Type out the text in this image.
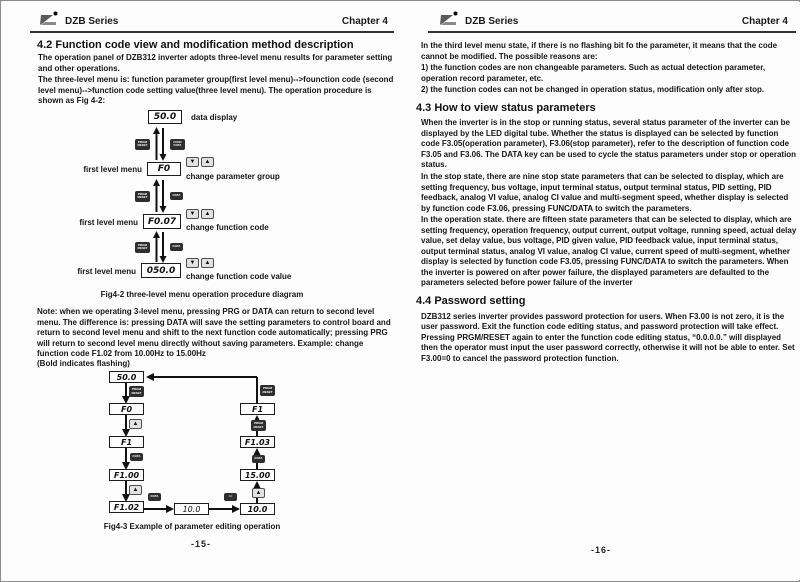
DZB Series	Chapter 4
4.2 Function code view and modification method description
The operation panel of DZB312 inverter adopts three-level menu results for parameter setting and other operations.
The three-level menu is: function parameter group(first level menu)-->founction code (second level menu)-->function code setting value(three level menu). The operation procedure is shown as Fig 4-2:
50.0	data display
PRGM RESET
FUNC DATA
first level menu	F0
▼	▲
change parameter group
PRGM RESET	DATA
first level menu	F0.07
▼	▲
change function code
PRGM RESET	DATA
first level menu	050.0
▼	▲
change function code value
Fig4-2 three-level menu operation procedure diagram
Note: when we operating 3-level menu, pressing PRG or DATA can return to second level menu. The difference is: pressing DATA will save the setting parameters to control board and return to second level menu and shift to the next function code automatically; pressing PRG will return to second level menu directly without saving parameters. Example: change function code F1.02 from 10.00Hz to 15.00Hz
(Bold indicates flashing)
50.0
F0
F1
F1.00
F1.02	10.0	10.0
15.00
F1.03
F1
PRGM RESET
▲
DATA
▲
DATA	>>
▲
DATA
PRGM RESET
PRGM RESET
Fig4-3 Example of parameter editing operation
-15-
DZB Series	Chapter 4

In the third level menu state, if there is no flashing bit fo the parameter, it means that the code cannot be modified. The possible reasons are:

1) the function codes are non changeable parameters. Such as actual detection parameter, operation record parameter, etc.

2) the function codes can not be changed in operation status, modification only after stop.

4.3 How to view status parameters

When the inverter is in the stop or running status, several status parameter of the inverter can be displayed by the LED digital tube. Whether the status is displayed can be selected by function code F3.05(operation parameter), F3.06(stop parameter), refer to the description of function code F3.05 and F3.06. The DATA key can be used to cycle the status parameters under stop or operation status.

In the stop state, there are nine stop state parameters that can be selected to display, which are setting frequency, bus voltage, input terminal status, output terminal status, PID setting, PID feedback, analog VI value, analog CI value and multi-segment speed, whether display is selected by function code F3.06, pressing FUNC/DATA to switch the parameters.

In the operation state. there are fifteen state parameters that can be selected to display, which are setting frequency, operation frequency, output current, output voltage, running speed, actual delay value, set delay value, bus voltage, PID given value, PID feedback value, input terminal status, output terminal status, analog VI value, analog CI value, current speed of multi-segment, whether display is selected by function code F3.05, pressing FUNC/DATA to switch the parameters. When the inverter is powered on after power failure, the displayed parameters are defaulted to the parameters selected before power failure of the inverter

4.4 Password setting

DZB312 series inverter provides password protection for users. When F3.00 is not zero, it is the user password. Exit the function code editing status, and password protection will take effect. Pressing PRGM/RESET again to enter the function code editing status, “0.0.0.0.” will displayed then the operator must input the user password correctly, otherwise it will not be able to enter. Set F3.00=0 to cancel the password protection function.

-16-
